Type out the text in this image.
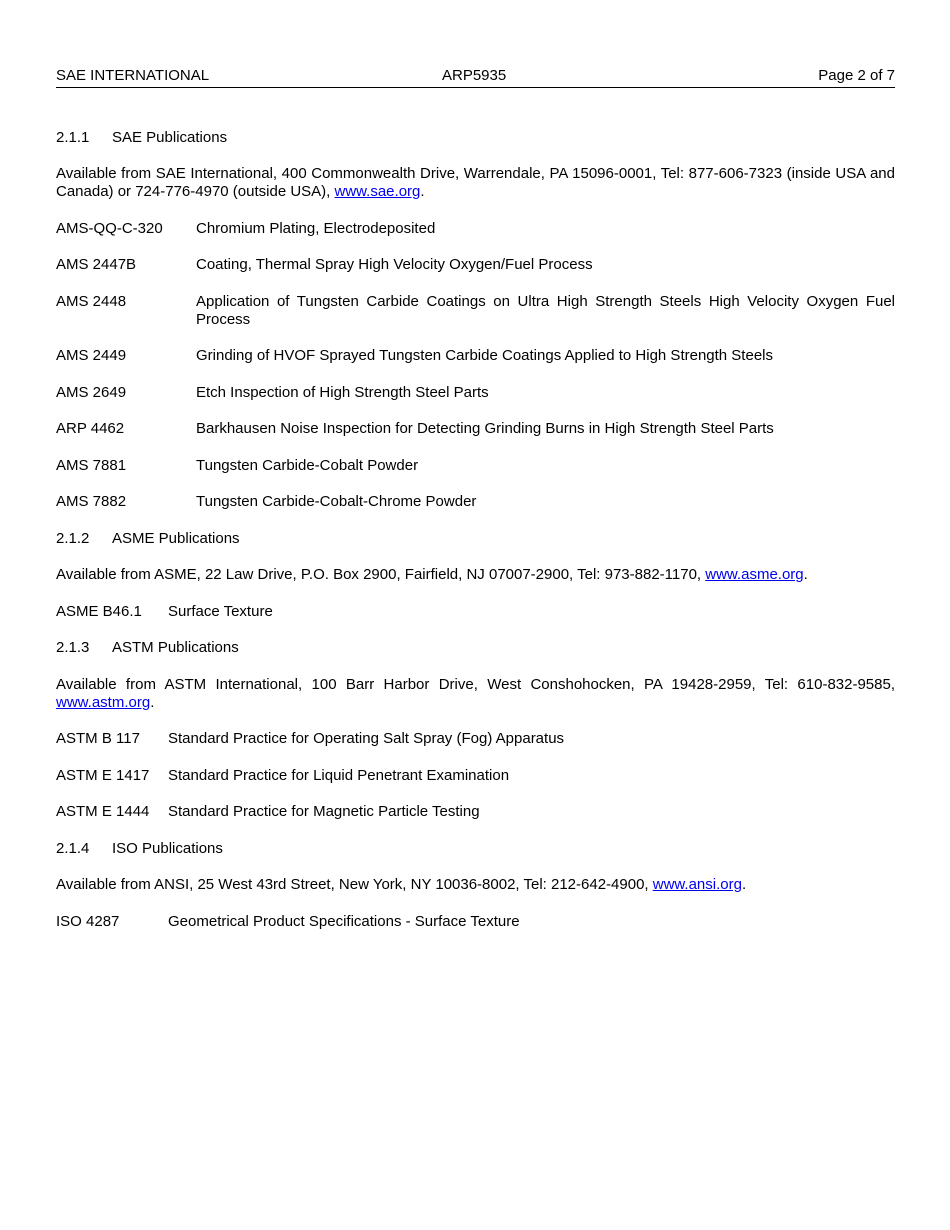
SAE INTERNATIONAL	ARP5935	Page 2 of 7
2.1.1 SAE Publications
Available from SAE International, 400 Commonwealth Drive, Warrendale, PA 15096-0001, Tel: 877-606-7323 (inside USA and Canada) or 724-776-4970 (outside USA), www.sae.org.
AMS-QQ-C-320 Chromium Plating, Electrodeposited
AMS 2447B	Coating, Thermal Spray High Velocity Oxygen/Fuel Process
AMS 2448	Application of Tungsten Carbide Coatings on Ultra High Strength Steels High Velocity Oxygen Fuel Process
AMS 2449	Grinding of HVOF Sprayed Tungsten Carbide Coatings Applied to High Strength Steels
AMS 2649	Etch Inspection of High Strength Steel Parts
ARP 4462	Barkhausen Noise Inspection for Detecting Grinding Burns in High Strength Steel Parts
AMS 7881	Tungsten Carbide-Cobalt Powder
AMS 7882	Tungsten Carbide-Cobalt-Chrome Powder
2.1.2 ASME Publications
Available from ASME, 22 Law Drive, P.O. Box 2900, Fairfield, NJ 07007-2900, Tel: 973-882-1170, www.asme.org.
ASME B46.1 Surface Texture
2.1.3 ASTM Publications
Available from ASTM International, 100 Barr Harbor Drive, West Conshohocken, PA 19428-2959, Tel: 610-832-9585, www.astm.org.
ASTM B 117 Standard Practice for Operating Salt Spray (Fog) Apparatus
ASTM E 1417 Standard Practice for Liquid Penetrant Examination
ASTM E 1444 Standard Practice for Magnetic Particle Testing
2.1.4 ISO Publications
Available from ANSI, 25 West 43rd Street, New York, NY 10036-8002, Tel: 212-642-4900, www.ansi.org.
ISO 4287	Geometrical Product Specifications - Surface Texture
